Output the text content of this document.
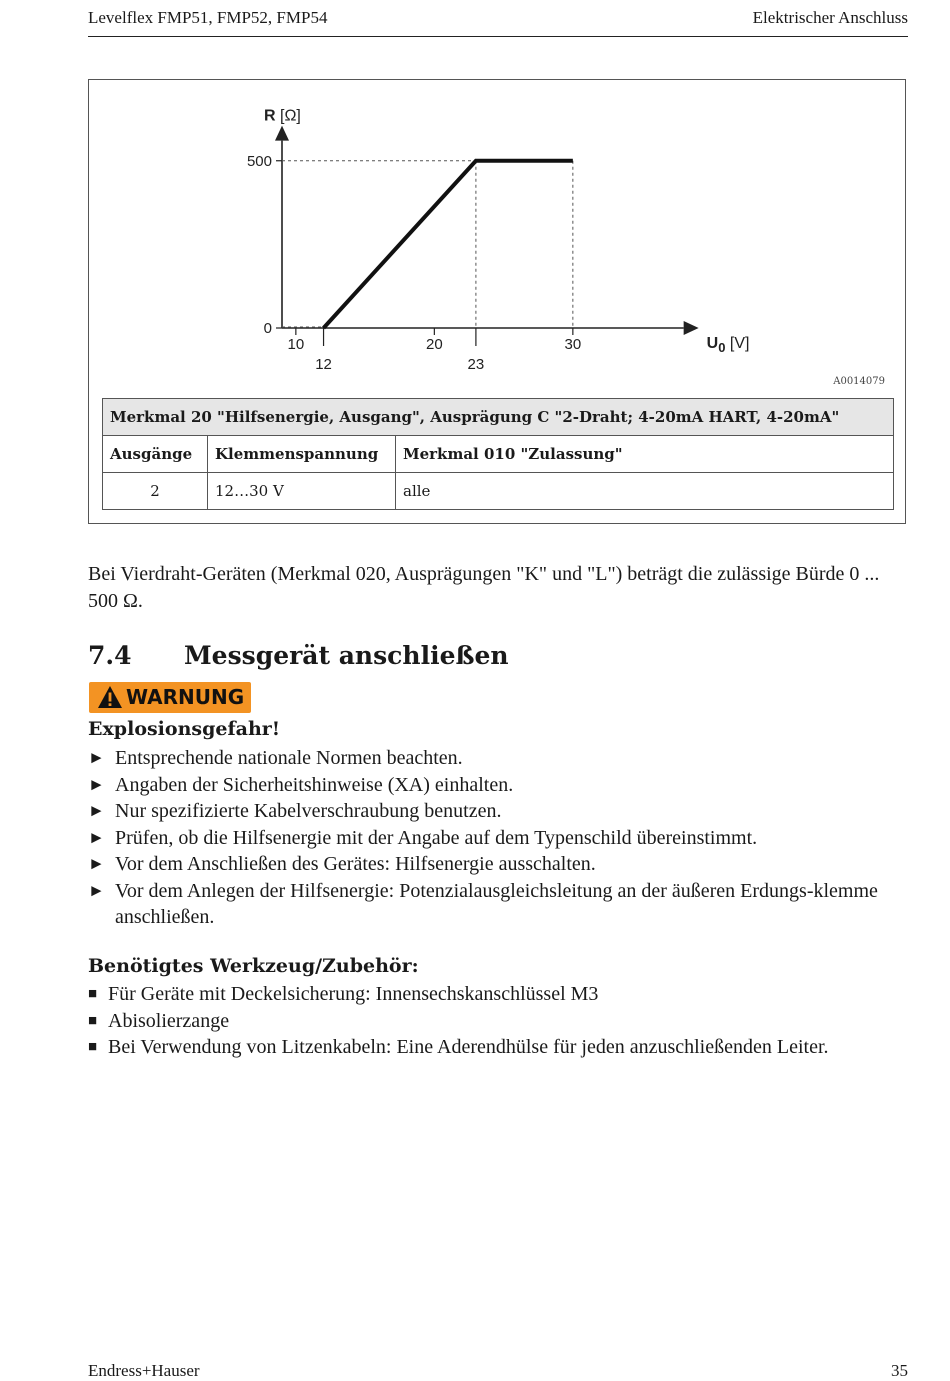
Levelflex FMP51, FMP52, FMP54	Elektrischer Anschluss
R [Ω]
$U_0$ [V]
0
500
10	20	30
12	23
A0014079
Merkmal 20 "Hilfsenergie, Ausgang", Ausprägung C "2-Draht; 4-20mA HART, 4-20mA"		
Ausgänge	Klemmenspannung	Merkmal 010 "Zulassung"
2	12…30 V	alle
Bei Vierdraht-Geräten (Merkmal 020, Ausprägungen "K" und "L") beträgt die zulässige Bürde 0 ... 500 Ω.
7.4 Messgerät anschließen
WARNUNG
Explosionsgefahr!
► Entsprechende nationale Normen beachten.
► Angaben der Sicherheitshinweise (XA) einhalten.
► Nur spezifizierte Kabelverschraubung benutzen.
► Prüfen, ob die Hilfsenergie mit der Angabe auf dem Typenschild übereinstimmt.
► Vor dem Anschließen des Gerätes: Hilfsenergie ausschalten.
► Vor dem Anlegen der Hilfsenergie: Potenzialausgleichsleitung an der äußeren Erdungs-klemme anschließen.
Benötigtes Werkzeug/Zubehör:
■ Für Geräte mit Deckelsicherung: Innensechskanschlüssel M3
■ Abisolierzange
■ Bei Verwendung von Litzenkabeln: Eine Aderendhülse für jeden anzuschließenden Leiter.
Endress+Hauser	35
